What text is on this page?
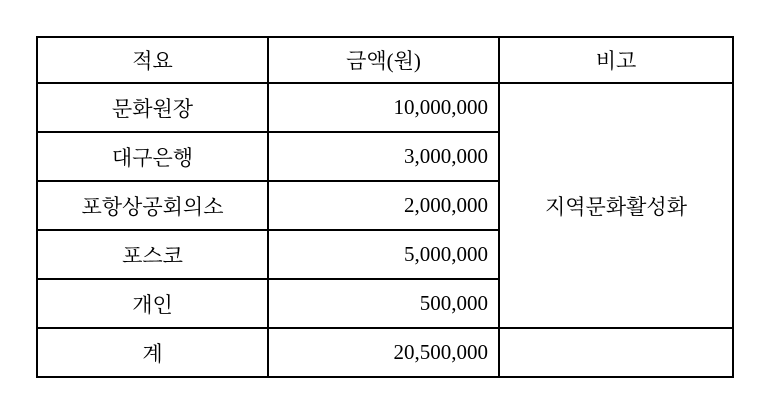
적요	금액(원)	비고
문화원장	10,000,000	지역문화활성화
대구은행	3,000,000	
포항상공회의소	2,000,000	
포스코	5,000,000	
개인	500,000	
계	20,500,000	
